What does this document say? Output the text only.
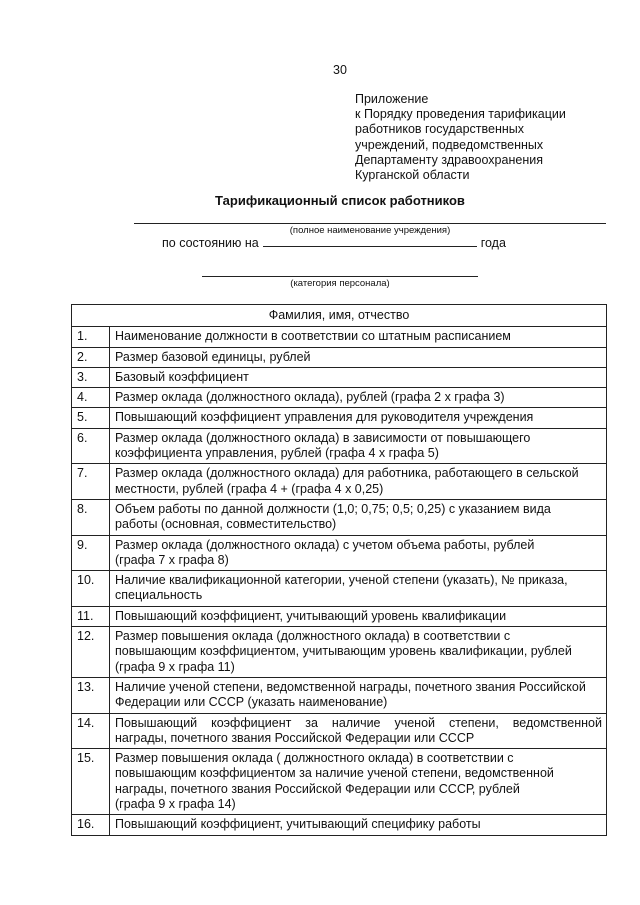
30
Приложение
к Порядку проведения тарификации
работников государственных
учреждений, подведомственных
Департаменту здравоохранения
Курганской области
Тарификационный список работников
(полное наименование учреждения)
по состоянию на	года
(категория персонала)
Фамилия, имя, отчество	
1.	Наименование должности в соответствии со штатным расписанием
2.	Размер базовой единицы, рублей
3.	Базовый коэффициент
4.	Размер оклада (должностного оклада), рублей (графа 2 х графа 3)
5.	Повышающий коэффициент управления для руководителя учреждения
6.	Размер оклада (должностного оклада) в зависимости от повышающего
коэффициента управления, рублей (графа 4 х графа 5)
7.	Размер оклада (должностного оклада) для работника, работающего в сельской
местности, рублей (графа 4 + (графа 4 х 0,25)
8.	Объем работы по данной должности (1,0; 0,75; 0,5; 0,25) с указанием вида
работы (основная, совместительство)
9.	Размер оклада (должностного оклада) с учетом объема работы, рублей
(графа 7 х графа 8)
10.	Наличие квалификационной категории, ученой степени (указать), № приказа,
специальность
11.	Повышающий коэффициент, учитывающий уровень квалификации
12.	Размер повышения оклада (должностного оклада) в соответствии с
повышающим коэффициентом, учитывающим уровень квалификации, рублей
(графа 9 х графа 11)
13.	Наличие ученой степени, ведомственной награды, почетного звания Российской
Федерации или СССР (указать наименование)
14.	Повышающий коэффициент за наличие ученой степени, ведомственной
награды, почетного звания Российской Федерации или СССР

15.	Размер повышения оклада ( должностного оклада) в соответствии с
повышающим коэффициентом за наличие ученой степени, ведомственной
награды, почетного звания Российской Федерации или СССР, рублей
(графа 9 х графа 14)
16.	Повышающий коэффициент, учитывающий специфику работы
